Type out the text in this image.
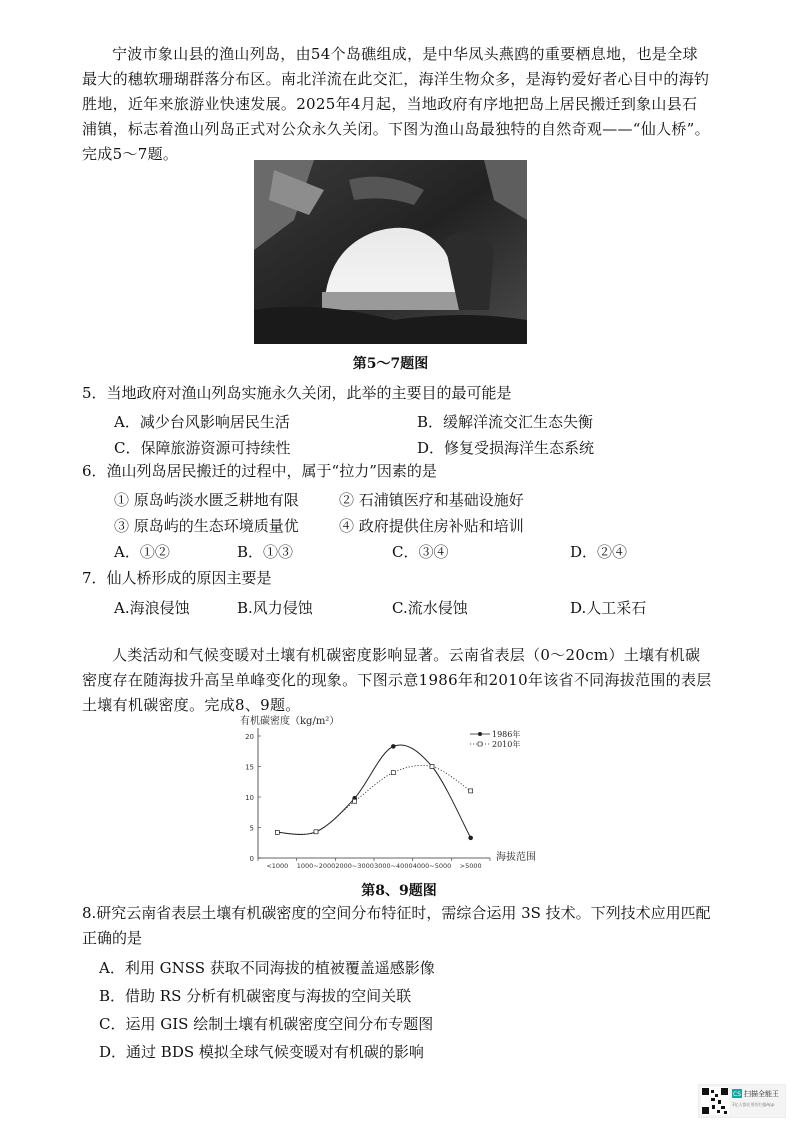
宁波市象山县的渔山列岛，由54个岛礁组成，是中华凤头燕鸥的重要栖息地，也是全球最大的穗软珊瑚群落分布区。南北洋流在此交汇，海洋生物众多，是海钓爱好者心目中的海钓胜地，近年来旅游业快速发展。2025年4月起，当地政府有序地把岛上居民搬迁到象山县石浦镇，标志着渔山列岛正式对公众永久关闭。下图为渔山岛最独特的自然奇观——“仙人桥”。完成5～7题。
第5～7题图
5．当地政府对渔山列岛实施永久关闭，此举的主要目的最可能是
A．减少台风影响居民生活	B．缓解洋流交汇生态失衡
C．保障旅游资源可持续性	D．修复受损海洋生态系统
6．渔山列岛居民搬迁的过程中，属于“拉力”因素的是
① 原岛屿淡水匮乏耕地有限	② 石浦镇医疗和基础设施好
③ 原岛屿的生态环境质量优	④ 政府提供住房补贴和培训
A．①②	B．①③	C．③④	D．②④
7．仙人桥形成的原因主要是
A.海浪侵蚀	B.风力侵蚀	C.流水侵蚀	D.人工采石
人类活动和气候变暖对土壤有机碳密度影响显著。云南省表层（0～20cm）土壤有机碳密度存在随海拔升高呈单峰变化的现象。下图示意1986年和2010年该省不同海拔范围的表层土壤有机碳密度。完成8、9题。
有机碳密度（kg/m²）
0
5
10
15
20
<1000 1000~2000 2000~3000 3000~4000 4000~5000 >5000
1986年
2010年
海拔范围
第8、9题图
8.研究云南省表层土壤有机碳密度的空间分布特征时，需综合运用 3S 技术。下列技术应用匹配正确的是
A．利用 GNSS 获取不同海拔的植被覆盖遥感影像
B．借助 RS 分析有机碳密度与海拔的空间关联
C．运用 GIS 绘制土壤有机碳密度空间分布专题图
D．通过 BDS 模拟全球气候变暖对有机碳的影响
CS 扫描全能王
3亿人都在用的扫描App
